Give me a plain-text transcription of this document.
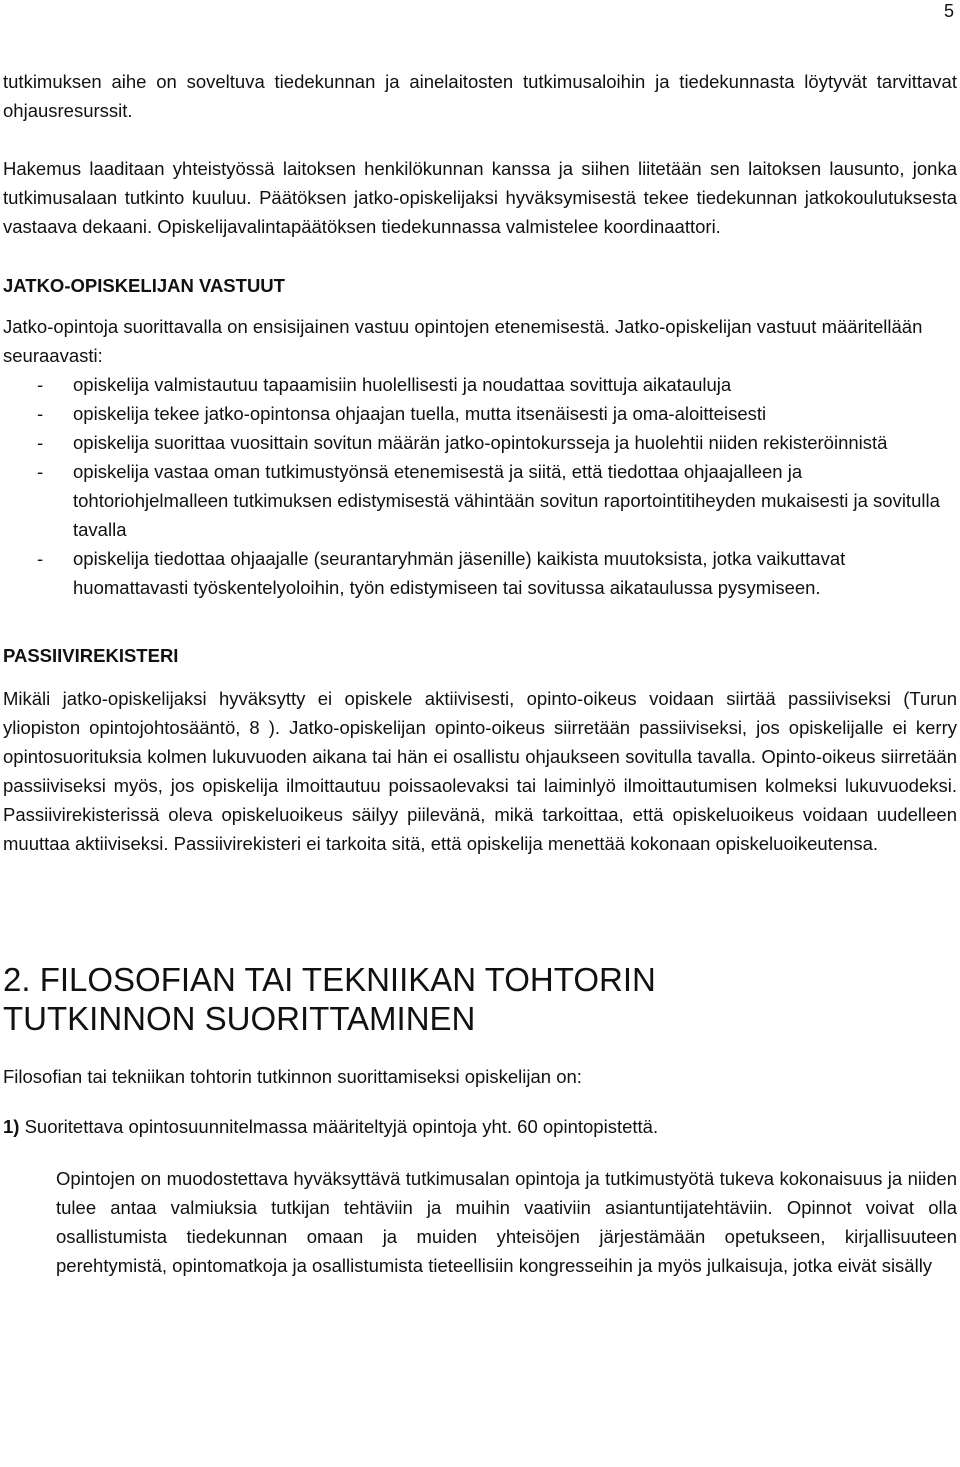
5

tutkimuksen aihe on soveltuva tiedekunnan ja ainelaitosten tutkimusaloihin ja tiedekunnasta löytyvät tarvittavat ohjausresurssit.

Hakemus laaditaan yhteistyössä laitoksen henkilökunnan kanssa ja siihen liitetään sen laitoksen lausunto, jonka tutkimusalaan tutkinto kuuluu. Päätöksen jatko-opiskelijaksi hyväksymisestä tekee tiedekunnan jatkokoulutuksesta vastaava dekaani. Opiskelijavalintapäätöksen tiedekunnassa valmistelee koordinaattori.

JATKO-OPISKELIJAN VASTUUT

Jatko-opintoja suorittavalla on ensisijainen vastuu opintojen etenemisestä. Jatko-opiskelijan vastuut määritellään seuraavasti:

- opiskelija valmistautuu tapaamisiin huolellisesti ja noudattaa sovittuja aikatauluja
- opiskelija tekee jatko-opintonsa ohjaajan tuella, mutta itsenäisesti ja oma-aloitteisesti
- opiskelija suorittaa vuosittain sovitun määrän jatko-opintokursseja ja huolehtii niiden rekisteröinnistä
- opiskelija vastaa oman tutkimustyönsä etenemisestä ja siitä, että tiedottaa ohjaajalleen ja tohtoriohjelmalleen tutkimuksen edistymisestä vähintään sovitun raportointitiheyden mukaisesti ja sovitulla tavalla
- opiskelija tiedottaa ohjaajalle (seurantaryhmän jäsenille) kaikista muutoksista, jotka vaikuttavat huomattavasti työskentelyoloihin, työn edistymiseen tai sovitussa aikataulussa pysymiseen.
PASSIIVIREKISTERI

Mikäli jatko-opiskelijaksi hyväksytty ei opiskele aktiivisesti, opinto-oikeus voidaan siirtää passiiviseksi (Turun yliopiston opintojohtosääntö, 8 ). Jatko-opiskelijan opinto-oikeus siirretään passiiviseksi, jos opiskelijalle ei kerry opintosuorituksia kolmen lukuvuoden aikana tai hän ei osallistu ohjaukseen sovitulla tavalla. Opinto-oikeus siirretään passiiviseksi myös, jos opiskelija ilmoittautuu poissaolevaksi tai laiminlyö ilmoittautumisen kolmeksi lukuvuodeksi. Passiivirekisterissä oleva opiskeluoikeus säilyy piilevänä, mikä tarkoittaa, että opiskeluoikeus voidaan uudelleen muuttaa aktiiviseksi. Passiivirekisteri ei tarkoita sitä, että opiskelija menettää kokonaan opiskeluoikeutensa.

2. FILOSOFIAN TAI TEKNIIKAN TOHTORIN TUTKINNON SUORITTAMINEN

Filosofian tai tekniikan tohtorin tutkinnon suorittamiseksi opiskelijan on:

1) Suoritettava opintosuunnitelmassa määriteltyjä opintoja yht. 60 opintopistettä.

Opintojen on muodostettava hyväksyttävä tutkimusalan opintoja ja tutkimustyötä tukeva kokonaisuus ja niiden tulee antaa valmiuksia tutkijan tehtäviin ja muihin vaativiin asiantuntijatehtäviin. Opinnot voivat olla osallistumista tiedekunnan omaan ja muiden yhteisöjen järjestämään opetukseen, kirjallisuuteen perehtymistä, opintomatkoja ja osallistumista tieteellisiin kongresseihin ja myös julkaisuja, jotka eivät sisälly
